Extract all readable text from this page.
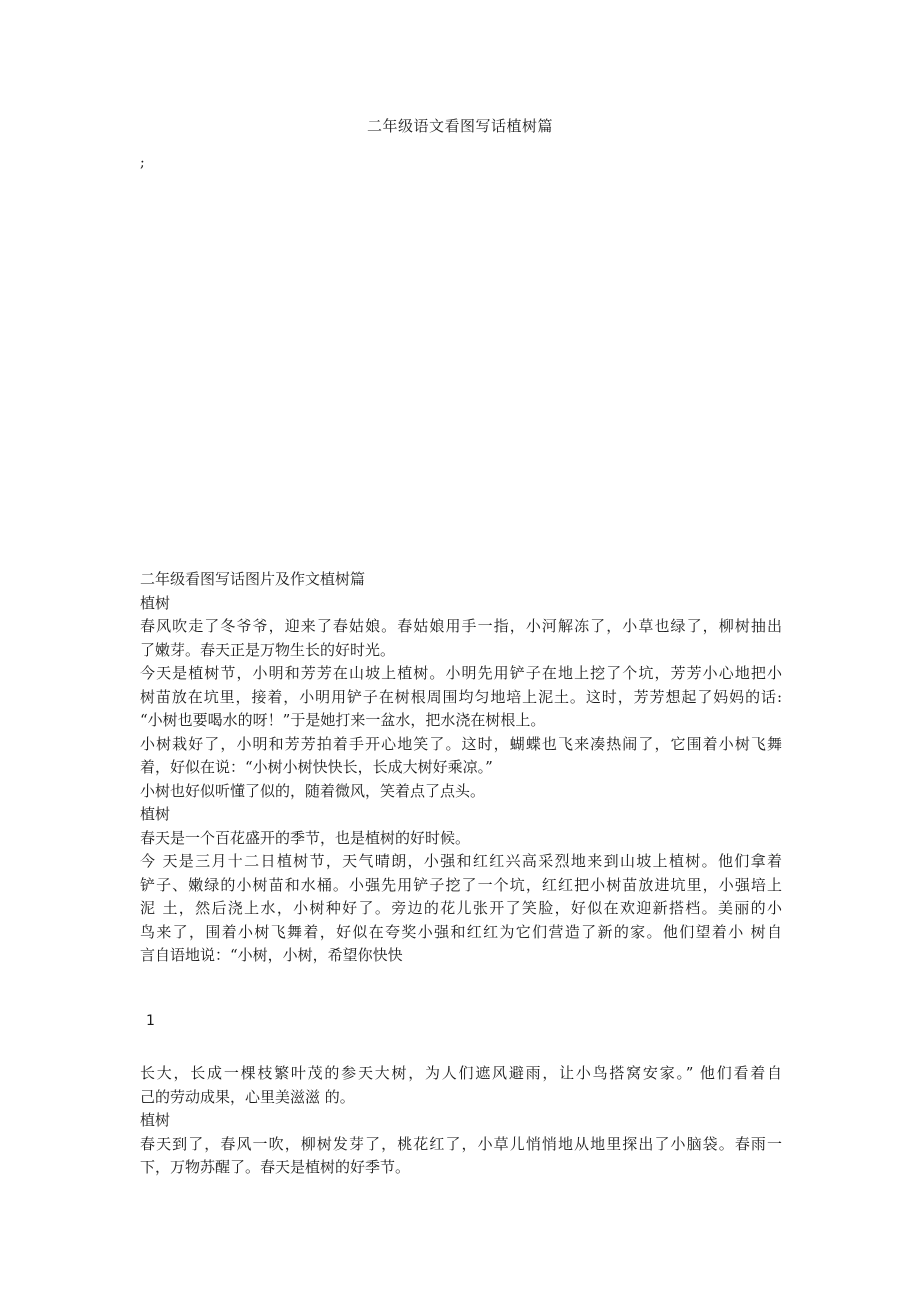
二年级语文看图写话植树篇
;
二年级看图写话图片及作文植树篇
植树
春风吹走了冬爷爷，迎来了春姑娘。春姑娘用手一指，小河解冻了，小草也绿了，柳树抽出
了嫩芽。春天正是万物生长的好时光。
今天是植树节，小明和芳芳在山坡上植树。小明先用铲子在地上挖了个坑，芳芳小心地把小
树苗放在坑里，接着，小明用铲子在树根周围均匀地培上泥土。这时，芳芳想起了妈妈的话:
“小树也要喝水的呀！”于是她打来一盆水，把水浇在树根上。
小树栽好了，小明和芳芳拍着手开心地笑了。这时，蝴蝶也飞来凑热闹了，它围着小树飞舞
着，好似在说：“小树小树快快长，长成大树好乘凉。”
小树也好似听懂了似的，随着微风，笑着点了点头。
植树
春天是一个百花盛开的季节，也是植树的好时候。
今 天是三月十二日植树节，天气晴朗，小强和红红兴高采烈地来到山坡上植树。他们拿着
铲子、嫩绿的小树苗和水桶。小强先用铲子挖了一个坑，红红把小树苗放进坑里，小强培上
泥 土，然后浇上水，小树种好了。旁边的花儿张开了笑脸，好似在欢迎新搭档。美丽的小
鸟来了，围着小树飞舞着，好似在夸奖小强和红红为它们营造了新的家。他们望着小 树自
言自语地说：“小树，小树，希望你快快
1
长大，长成一棵枝繁叶茂的参天大树，为人们遮风避雨，让小鸟搭窝安家。” 他们看着自
己的劳动成果，心里美滋滋 的。
植树
春天到了，春风一吹，柳树发芽了，桃花红了，小草儿悄悄地从地里探出了小脑袋。春雨一
下，万物苏醒了。春天是植树的好季节。
